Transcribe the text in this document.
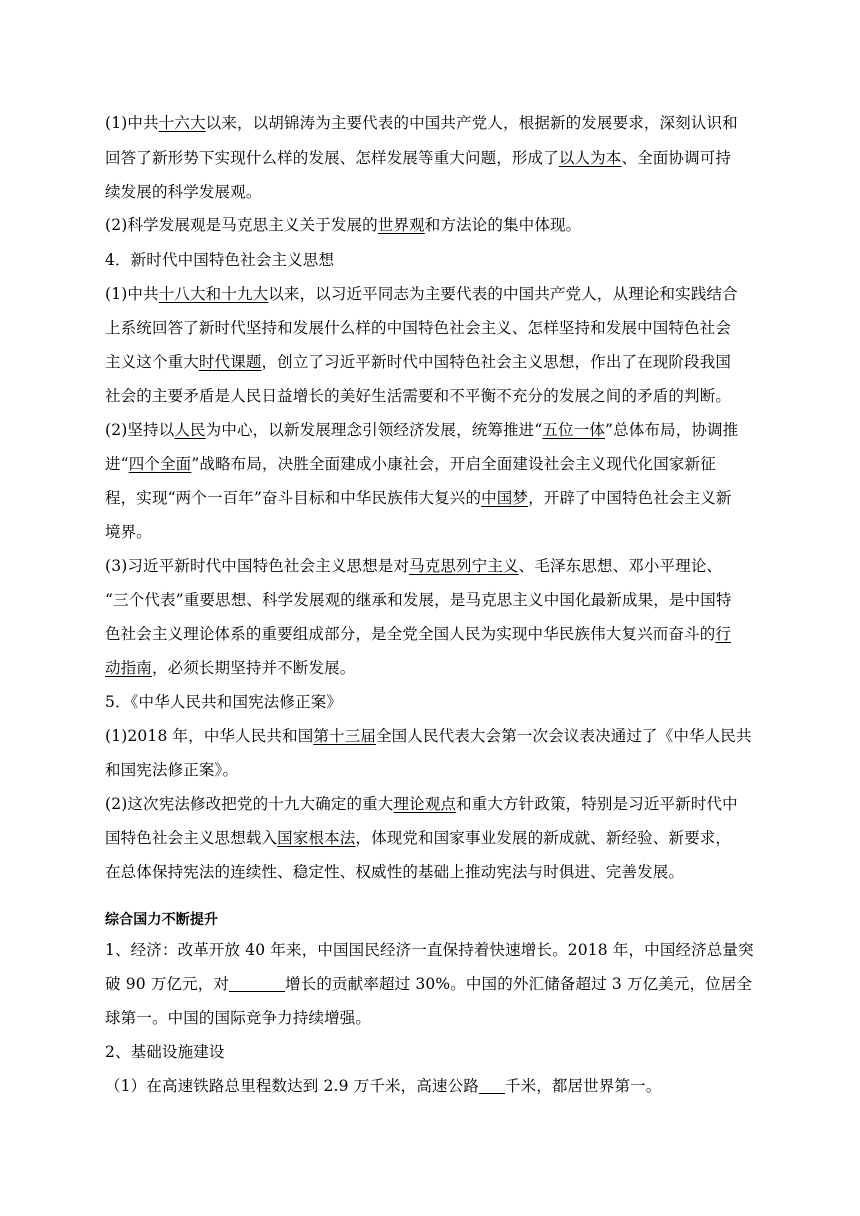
(1)中共十六大以来，以胡锦涛为主要代表的中国共产党人，根据新的发展要求，深刻认识和
回答了新形势下实现什么样的发展、怎样发展等重大问题，形成了以人为本、全面协调可持
续发展的科学发展观。
(2)科学发展观是马克思主义关于发展的世界观和方法论的集中体现。
4．新时代中国特色社会主义思想
(1)中共十八大和十九大以来，以习近平同志为主要代表的中国共产党人，从理论和实践结合
上系统回答了新时代坚持和发展什么样的中国特色社会主义、怎样坚持和发展中国特色社会
主义这个重大时代课题，创立了习近平新时代中国特色社会主义思想，作出了在现阶段我国
社会的主要矛盾是人民日益增长的美好生活需要和不平衡不充分的发展之间的矛盾的判断。
(2)坚持以人民为中心，以新发展理念引领经济发展，统筹推进“五位一体”总体布局，协调推
进“四个全面”战略布局，决胜全面建成小康社会，开启全面建设社会主义现代化国家新征
程，实现“两个一百年”奋斗目标和中华民族伟大复兴的中国梦，开辟了中国特色社会主义新
境界。
(3)习近平新时代中国特色社会主义思想是对马克思列宁主义、毛泽东思想、邓小平理论、
“三个代表”重要思想、科学发展观的继承和发展，是马克思主义中国化最新成果，是中国特
色社会主义理论体系的重要组成部分，是全党全国人民为实现中华民族伟大复兴而奋斗的行
动指南，必须长期坚持并不断发展。
5．《中华人民共和国宪法修正案》
(1)2018 年，中华人民共和国第十三届全国人民代表大会第一次会议表决通过了《中华人民共
和国宪法修正案》。
(2)这次宪法修改把党的十九大确定的重大理论观点和重大方针政策，特别是习近平新时代中
国特色社会主义思想载入国家根本法，体现党和国家事业发展的新成就、新经验、新要求，
在总体保持宪法的连续性、稳定性、权威性的基础上推动宪法与时俱进、完善发展。
综合国力不断提升
1、经济：改革开放 40 年来，中国国民经济一直保持着快速增长。2018 年，中国经济总量突
破 90 万亿元，对	增长的贡献率超过 30%。中国的外汇储备超过 3 万亿美元，位居全
球第一。中国的国际竞争力持续增强。
2、基础设施建设
（1）在高速铁路总里程数达到 2.9 万千米，高速公路 千米，都居世界第一。
